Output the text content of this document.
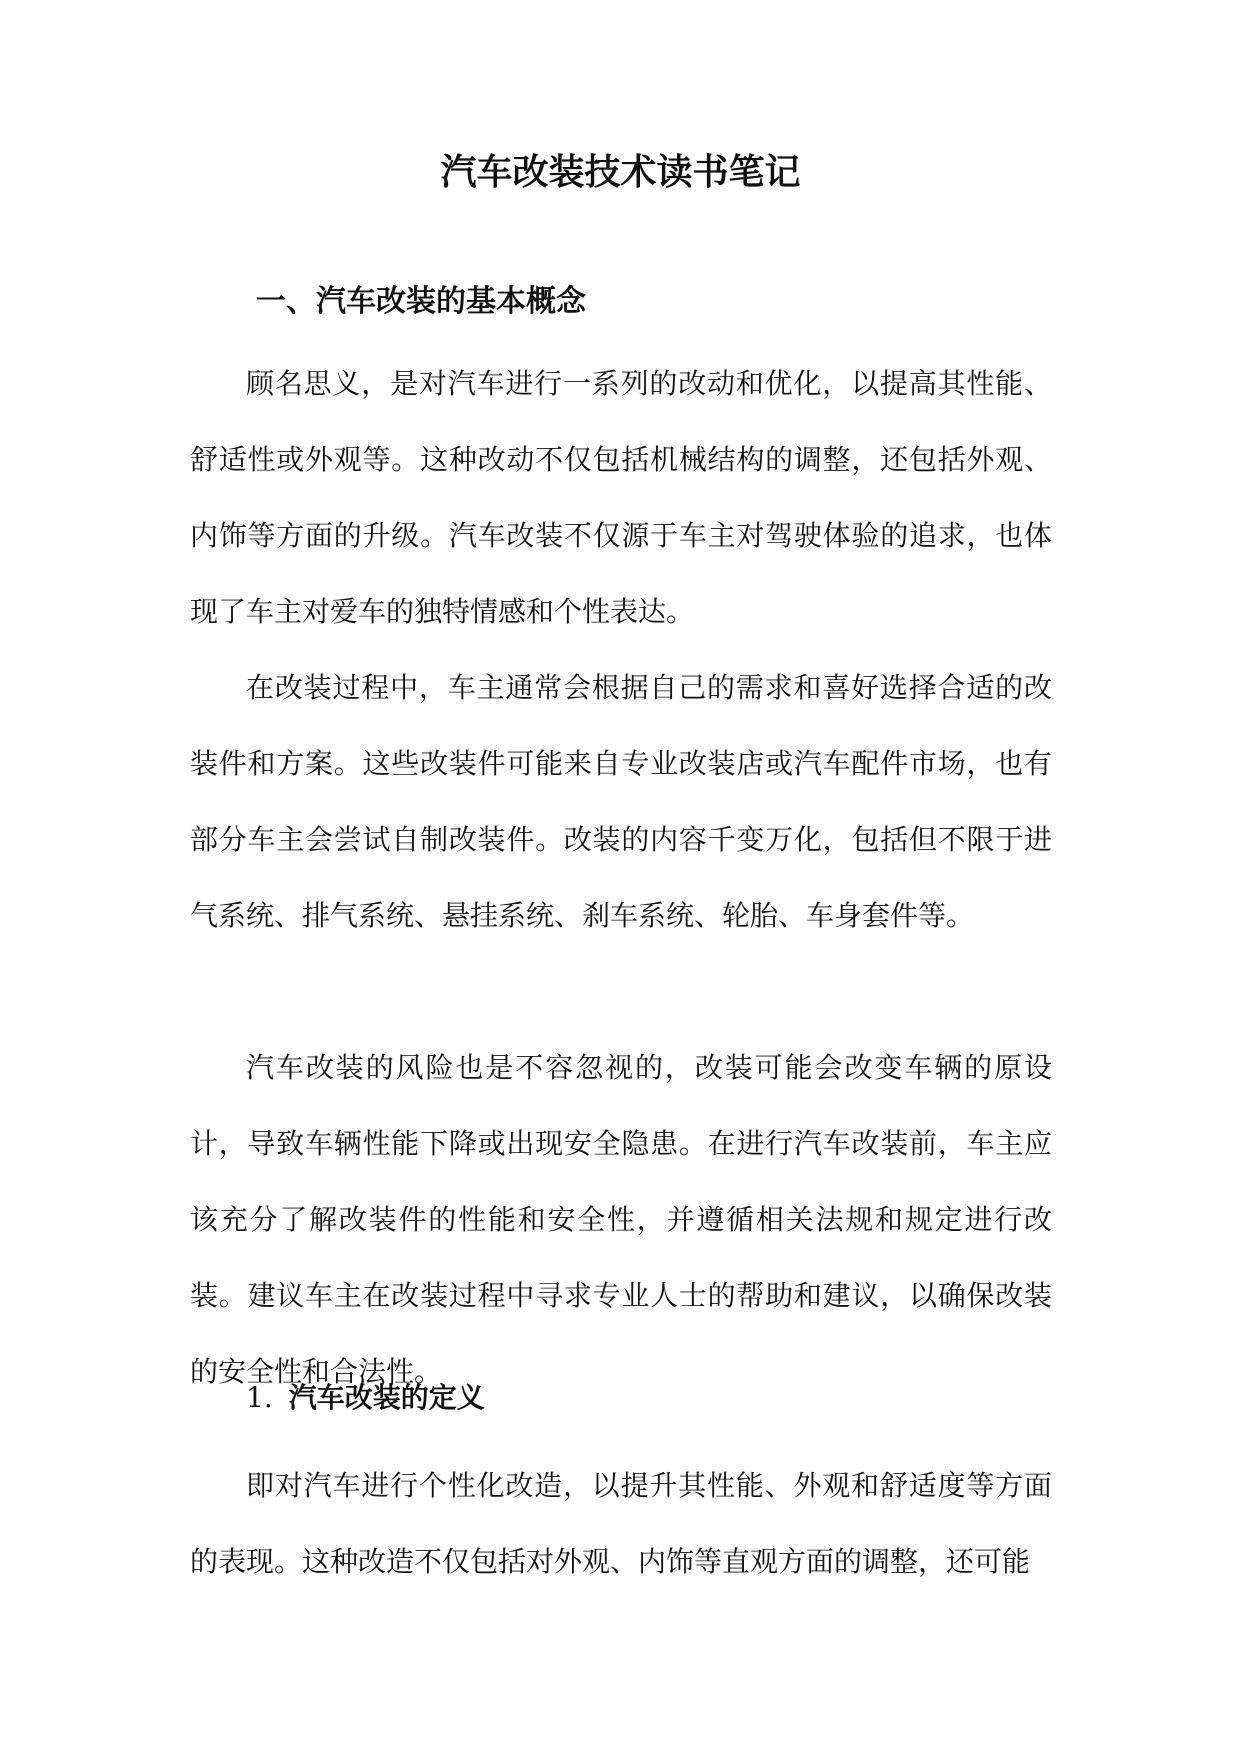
汽车改装技术读书笔记
一、汽车改装的基本概念

顾名思义，是对汽车进行一系列的改动和优化，以提高其性能、舒适性或外观等。这种改动不仅包括机械结构的调整，还包括外观、内饰等方面的升级。汽车改装不仅源于车主对驾驶体验的追求，也体现了车主对爱车的独特情感和个性表达。

在改装过程中，车主通常会根据自己的需求和喜好选择合适的改装件和方案。这些改装件可能来自专业改装店或汽车配件市场，也有部分车主会尝试自制改装件。改装的内容千变万化，包括但不限于进气系统、排气系统、悬挂系统、刹车系统、轮胎、车身套件等。

汽车改装的风险也是不容忽视的，改装可能会改变车辆的原设计，导致车辆性能下降或出现安全隐患。在进行汽车改装前，车主应该充分了解改装件的性能和安全性，并遵循相关法规和规定进行改装。建议车主在改装过程中寻求专业人士的帮助和建议，以确保改装的安全性和合法性。

1. 汽车改装的定义

即对汽车进行个性化改造，以提升其性能、外观和舒适度等方面的表现。这种改造不仅包括对外观、内饰等直观方面的调整，还可能
